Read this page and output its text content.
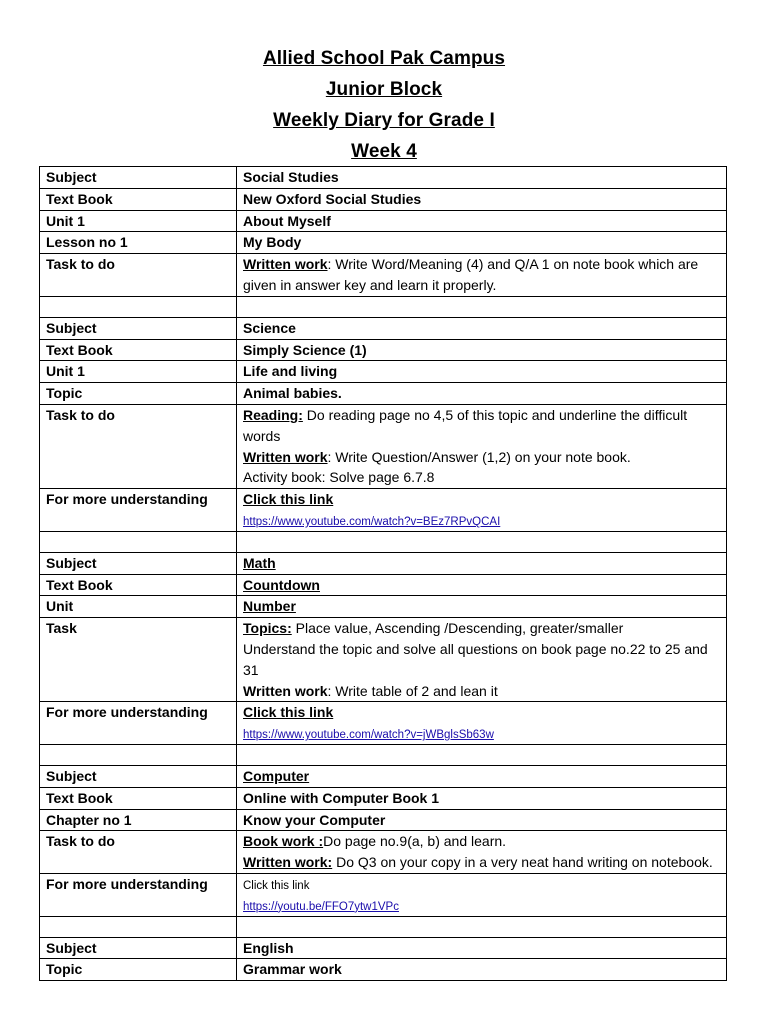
Allied School Pak Campus
Junior Block
Weekly Diary for Grade I
Week 4
Subject	Social Studies
Text Book	New Oxford Social Studies
Unit 1	About Myself
Lesson no 1	My Body
Task to do	Written work: Write Word/Meaning (4) and Q/A 1 on note book which are given in answer key and learn it properly.

Subject	Science
Text Book	Simply Science (1)
Unit 1	Life and living
Topic	Animal babies.
Task to do	Reading: Do reading page no 4,5 of this topic and underline the difficult words
Written work: Write Question/Answer (1,2) on your note book.
Activity book: Solve page 6.7.8

For more understanding	Click this link
https://www.youtube.com/watch?v=BEz7RPvQCAI

Subject	Math
Text Book	Countdown
Unit	Number
Task	Topics: Place value, Ascending /Descending, greater/smaller
Understand the topic and solve all questions on book page no.22 to 25 and 31
Written work: Write table of 2 and lean it

For more understanding	Click this link
https://www.youtube.com/watch?v=jWBglsSb63w

Subject	Computer
Text Book	Online with Computer Book 1
Chapter no 1	Know your Computer
Task to do	Book work :Do page no.9(a, b) and learn.
Written work: Do Q3 on your copy in a very neat hand writing on notebook.

For more understanding	Click this link
https://youtu.be/FFO7ytw1VPc

Subject	English
Topic	Grammar work
